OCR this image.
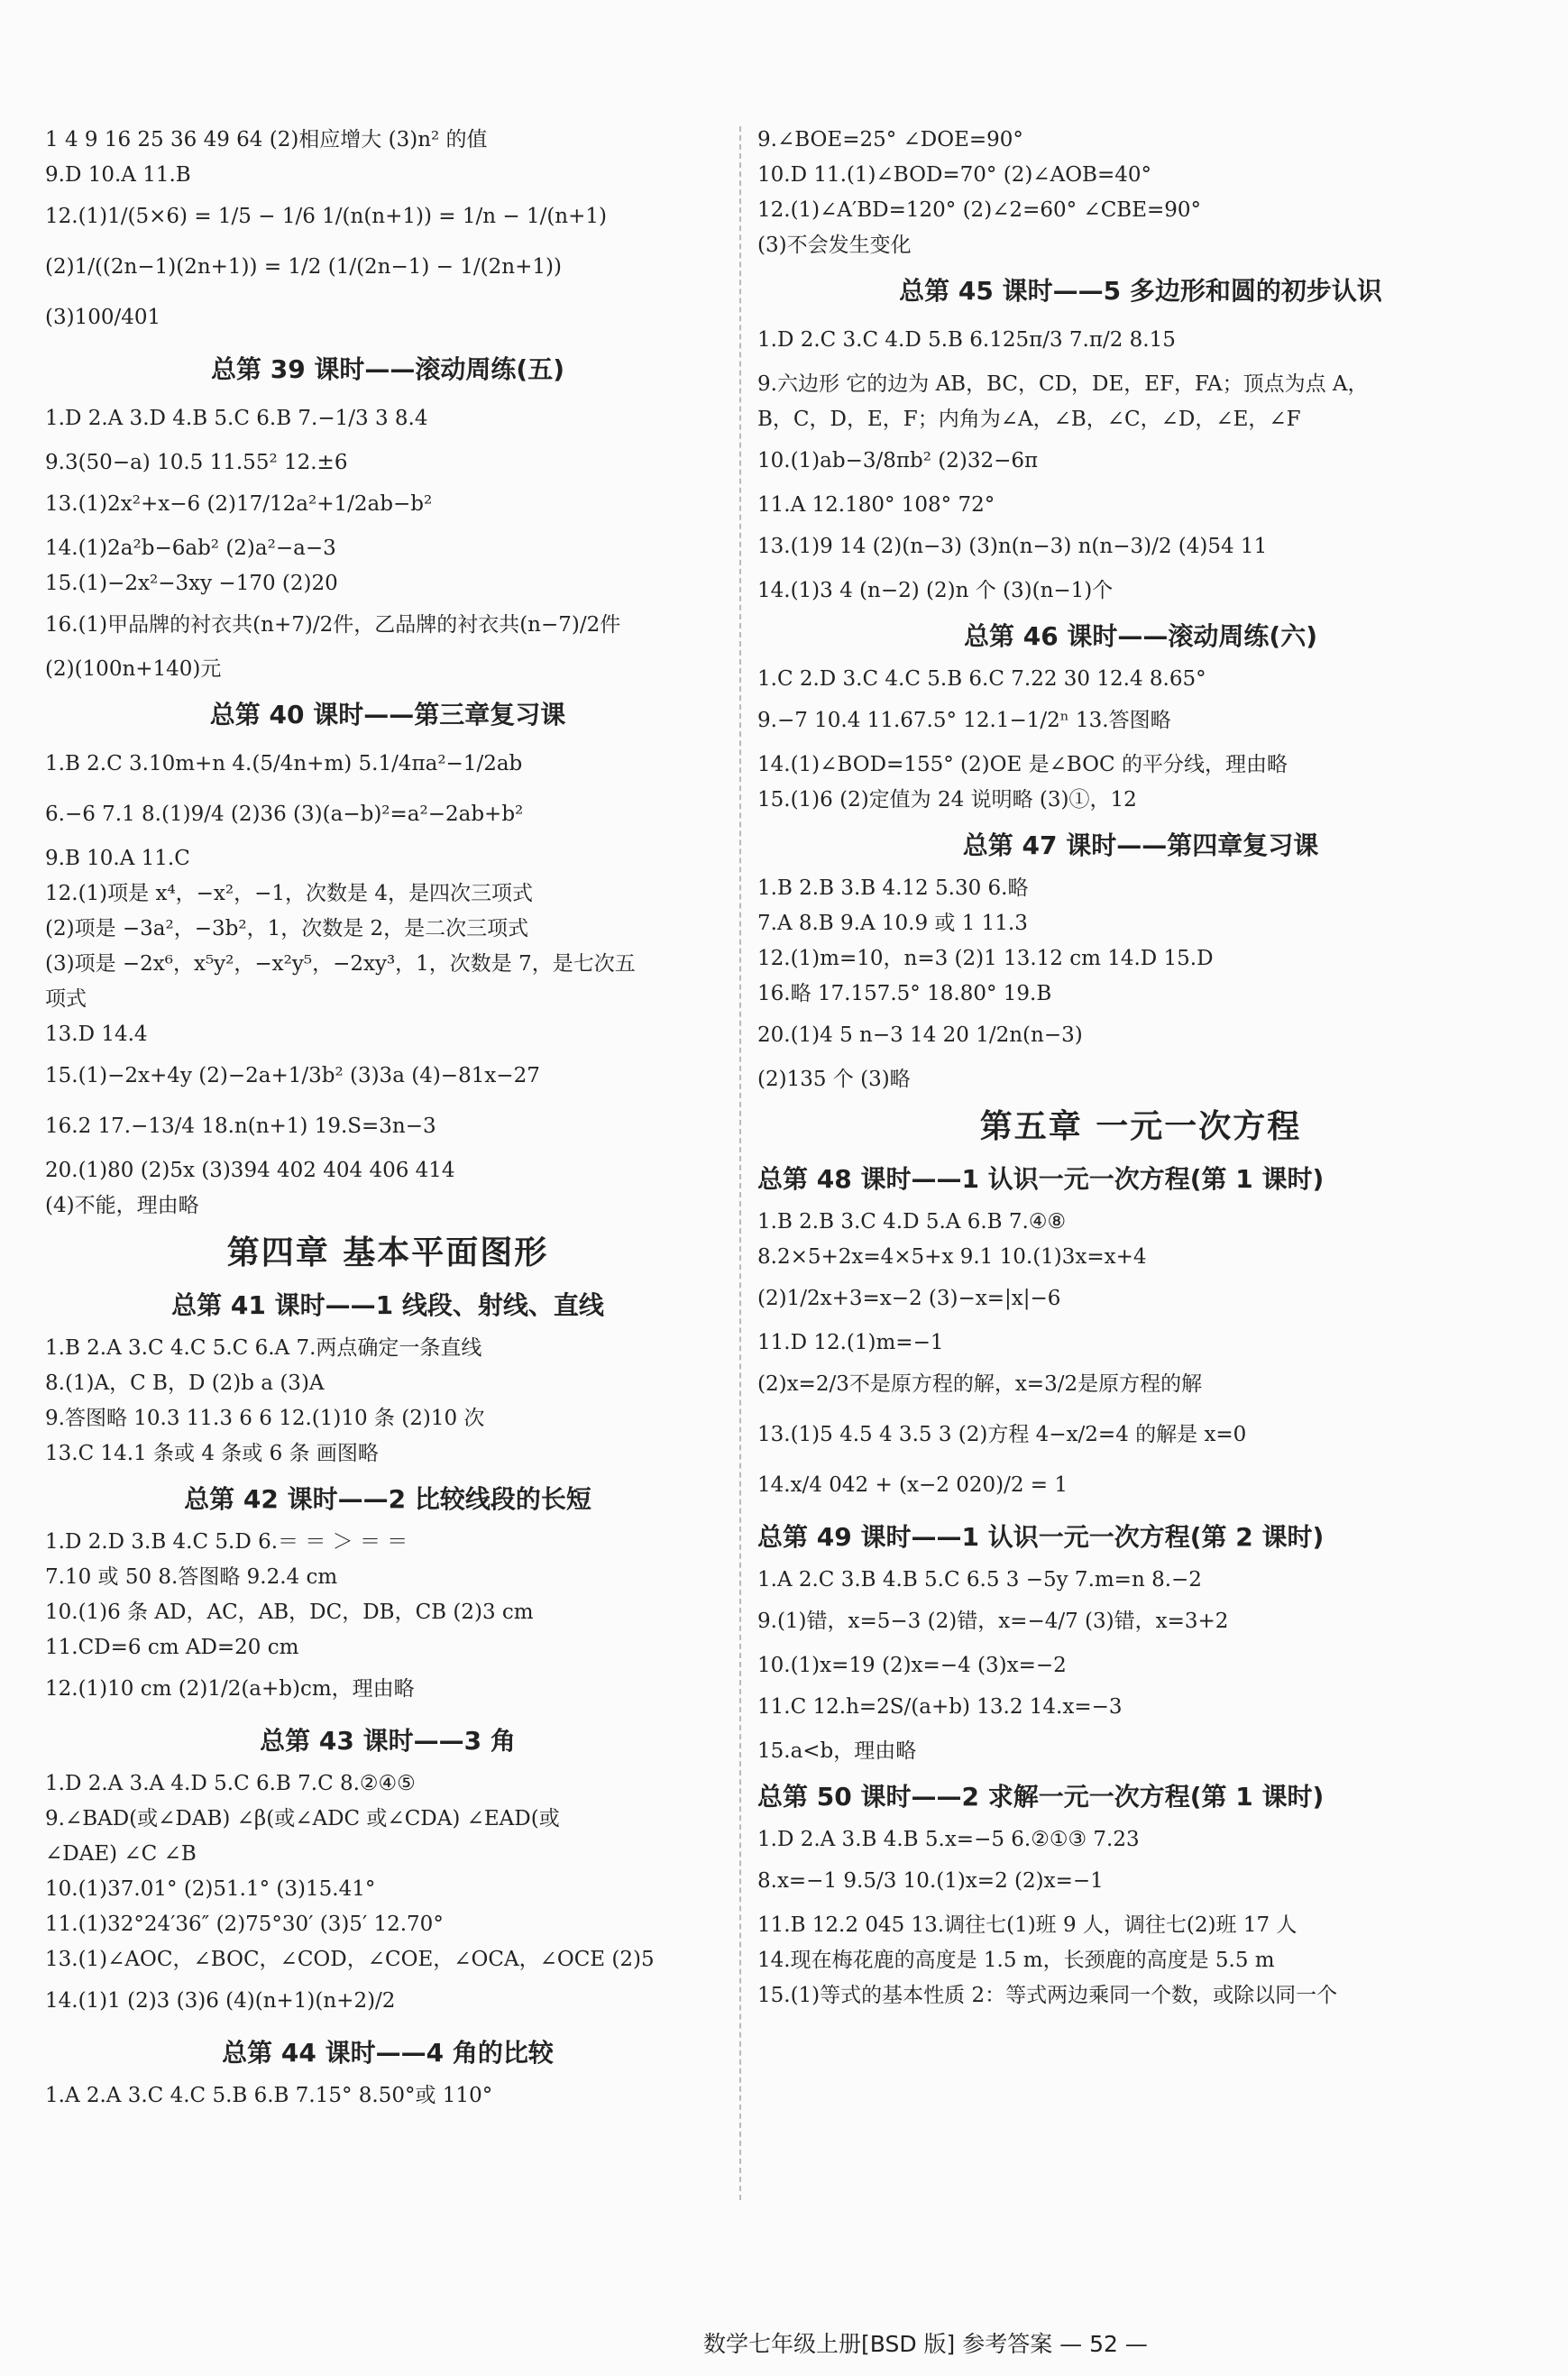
1 4 9 16 25 36 49 64 (2)相应增大 (3)n² 的值
9.D 10.A 11.B
12.(1)1/(5×6) = 1/5 − 1/6 1/(n(n+1)) = 1/n − 1/(n+1)
(2)1/((2n−1)(2n+1)) = 1/2 (1/(2n−1) − 1/(2n+1))
(3)100/401
总第 39 课时——滚动周练(五)
1.D 2.A 3.D 4.B 5.C 6.B 7.−1/3 3 8.4
9.3(50−a) 10.5 11.55² 12.±6
13.(1)2x²+x−6 (2)17/12a²+1/2ab−b²
14.(1)2a²b−6ab² (2)a²−a−3
15.(1)−2x²−3xy −170 (2)20
16.(1)甲品牌的衬衣共(n+7)/2件，乙品牌的衬衣共(n−7)/2件
(2)(100n+140)元
总第 40 课时——第三章复习课
1.B 2.C 3.10m+n 4.(5/4n+m) 5.1/4πa²−1/2ab
6.−6 7.1 8.(1)9/4 (2)36 (3)(a−b)²=a²−2ab+b²
9.B 10.A 11.C
12.(1)项是 x⁴，−x²，−1，次数是 4，是四次三项式
(2)项是 −3a²，−3b²，1，次数是 2，是二次三项式
(3)项是 −2x⁶，x⁵y²，−x²y⁵，−2xy³，1，次数是 7，是七次五
项式
13.D 14.4
15.(1)−2x+4y (2)−2a+1/3b² (3)3a (4)−81x−27
16.2 17.−13/4 18.n(n+1) 19.S=3n−3
20.(1)80 (2)5x (3)394 402 404 406 414
(4)不能，理由略
第四章 基本平面图形
总第 41 课时——1 线段、射线、直线
1.B 2.A 3.C 4.C 5.C 6.A 7.两点确定一条直线
8.(1)A，C B，D (2)b a (3)A
9.答图略 10.3 11.3 6 6 12.(1)10 条 (2)10 次
13.C 14.1 条或 4 条或 6 条 画图略
总第 42 课时——2 比较线段的长短
1.D 2.D 3.B 4.C 5.D 6.＝ ＝ ＞ ＝ ＝
7.10 或 50 8.答图略 9.2.4 cm
10.(1)6 条 AD，AC，AB，DC，DB，CB (2)3 cm
11.CD=6 cm AD=20 cm
12.(1)10 cm (2)1/2(a+b)cm，理由略
总第 43 课时——3 角
1.D 2.A 3.A 4.D 5.C 6.B 7.C 8.②④⑤
9.∠BAD(或∠DAB) ∠β(或∠ADC 或∠CDA) ∠EAD(或
∠DAE) ∠C ∠B
10.(1)37.01° (2)51.1° (3)15.41°
11.(1)32°24′36″ (2)75°30′ (3)5′ 12.70°
13.(1)∠AOC，∠BOC，∠COD，∠COE，∠OCA，∠OCE (2)5
14.(1)1 (2)3 (3)6 (4)(n+1)(n+2)/2
总第 44 课时——4 角的比较
1.A 2.A 3.C 4.C 5.B 6.B 7.15° 8.50°或 110°
9.∠BOE=25° ∠DOE=90°
10.D 11.(1)∠BOD=70° (2)∠AOB=40°
12.(1)∠A′BD=120° (2)∠2=60° ∠CBE=90°
(3)不会发生变化
总第 45 课时——5 多边形和圆的初步认识
1.D 2.C 3.C 4.D 5.B 6.125π/3 7.π/2 8.15
9.六边形 它的边为 AB，BC，CD，DE，EF，FA；顶点为点 A，
B，C，D，E，F；内角为∠A，∠B，∠C，∠D，∠E，∠F
10.(1)ab−3/8πb² (2)32−6π
11.A 12.180° 108° 72°
13.(1)9 14 (2)(n−3) (3)n(n−3) n(n−3)/2 (4)54 11
14.(1)3 4 (n−2) (2)n 个 (3)(n−1)个
总第 46 课时——滚动周练(六)
1.C 2.D 3.C 4.C 5.B 6.C 7.22 30 12.4 8.65°
9.−7 10.4 11.67.5° 12.1−1/2ⁿ 13.答图略
14.(1)∠BOD=155° (2)OE 是∠BOC 的平分线，理由略
15.(1)6 (2)定值为 24 说明略 (3)①，12
总第 47 课时——第四章复习课
1.B 2.B 3.B 4.12 5.30 6.略
7.A 8.B 9.A 10.9 或 1 11.3
12.(1)m=10，n=3 (2)1 13.12 cm 14.D 15.D
16.略 17.157.5° 18.80° 19.B
20.(1)4 5 n−3 14 20 1/2n(n−3)
(2)135 个 (3)略
第五章 一元一次方程
总第 48 课时——1 认识一元一次方程(第 1 课时)
1.B 2.B 3.C 4.D 5.A 6.B 7.④⑧
8.2×5+2x=4×5+x 9.1 10.(1)3x=x+4
(2)1/2x+3=x−2 (3)−x=|x|−6
11.D 12.(1)m=−1
(2)x=2/3不是原方程的解，x=3/2是原方程的解
13.(1)5 4.5 4 3.5 3 (2)方程 4−x/2=4 的解是 x=0
14.x/4 042 + (x−2 020)/2 = 1
总第 49 课时——1 认识一元一次方程(第 2 课时)
1.A 2.C 3.B 4.B 5.C 6.5 3 −5y 7.m=n 8.−2
9.(1)错，x=5−3 (2)错，x=−4/7 (3)错，x=3+2
10.(1)x=19 (2)x=−4 (3)x=−2
11.C 12.h=2S/(a+b) 13.2 14.x=−3
15.a<b，理由略
总第 50 课时——2 求解一元一次方程(第 1 课时)
1.D 2.A 3.B 4.B 5.x=−5 6.②①③ 7.23
8.x=−1 9.5/3 10.(1)x=2 (2)x=−1
11.B 12.2 045 13.调往七(1)班 9 人，调往七(2)班 17 人
14.现在梅花鹿的高度是 1.5 m，长颈鹿的高度是 5.5 m
15.(1)等式的基本性质 2：等式两边乘同一个数，或除以同一个
数学七年级上册[BSD 版] 参考答案 — 52 —
